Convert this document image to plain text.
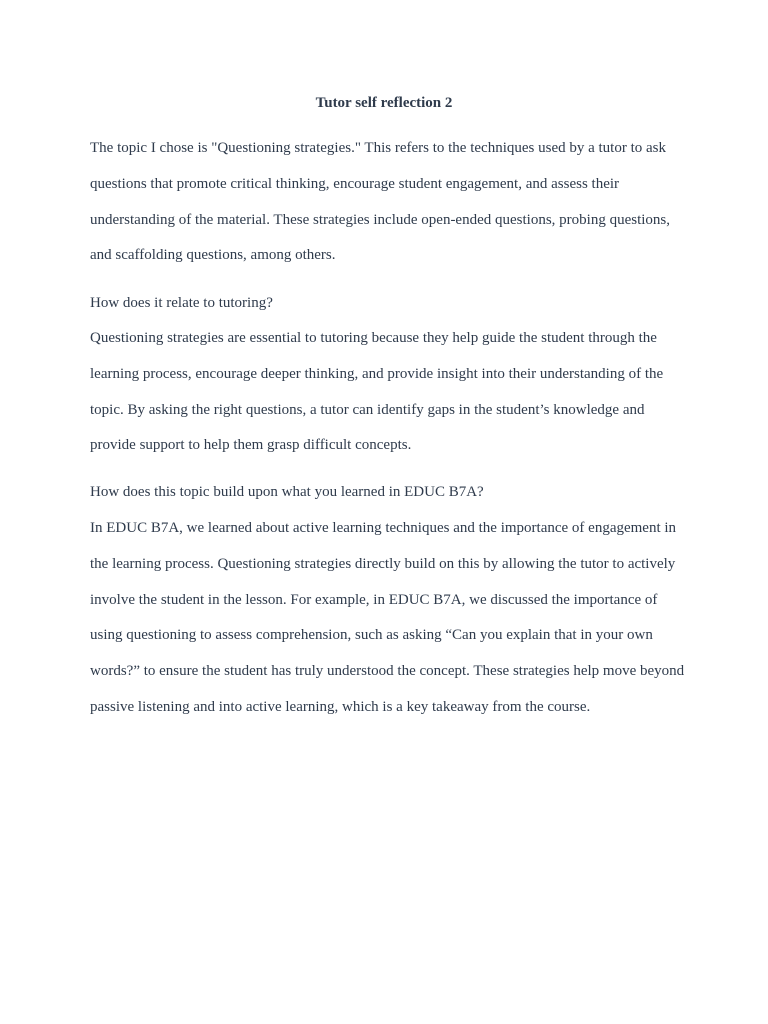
Tutor self reflection 2

The topic I chose is "Questioning strategies." This refers to the techniques used by a tutor to ask questions that promote critical thinking, encourage student engagement, and assess their understanding of the material. These strategies include open-ended questions, probing questions, and scaffolding questions, among others.

How does it relate to tutoring?

Questioning strategies are essential to tutoring because they help guide the student through the learning process, encourage deeper thinking, and provide insight into their understanding of the topic. By asking the right questions, a tutor can identify gaps in the student’s knowledge and provide support to help them grasp difficult concepts.

How does this topic build upon what you learned in EDUC B7A?

In EDUC B7A, we learned about active learning techniques and the importance of engagement in the learning process. Questioning strategies directly build on this by allowing the tutor to actively involve the student in the lesson. For example, in EDUC B7A, we discussed the importance of using questioning to assess comprehension, such as asking “Can you explain that in your own words?” to ensure the student has truly understood the concept. These strategies help move beyond passive listening and into active learning, which is a key takeaway from the course.
